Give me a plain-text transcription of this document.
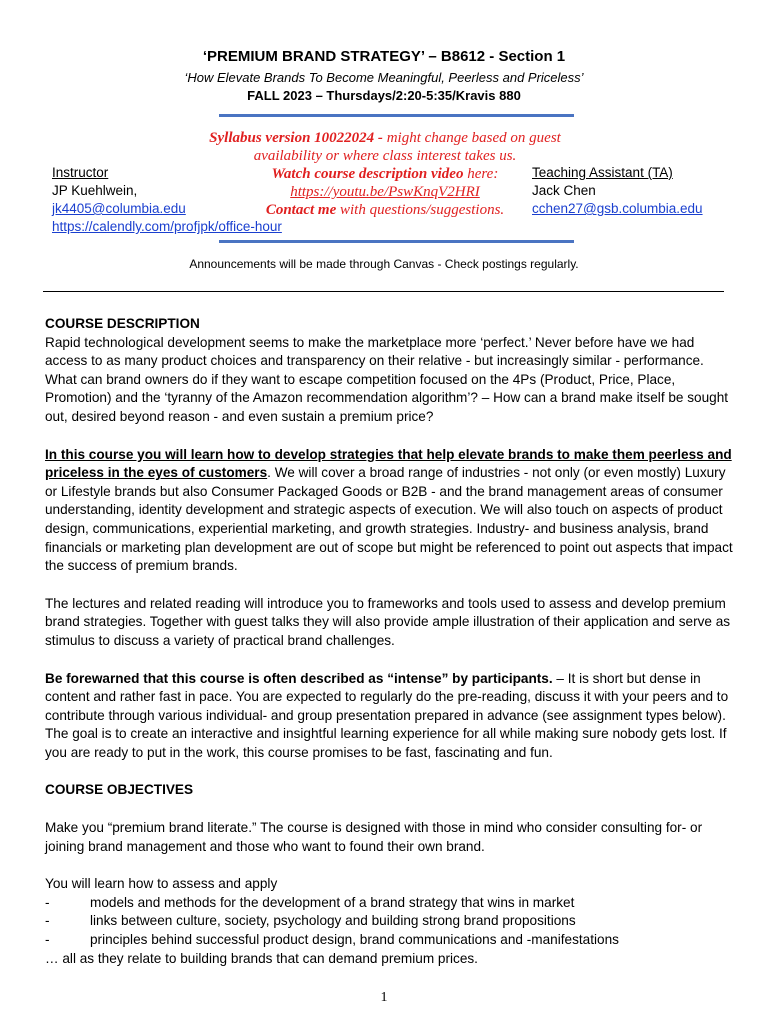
‘PREMIUM BRAND STRATEGY’ – B8612 - Section 1
‘How Elevate Brands To Become Meaningful, Peerless and Priceless’
FALL 2023 – Thursdays/2:20-5:35/Kravis 880
Syllabus version 10022024 - might change based on guest
availability or where class interest takes us.
Watch course description video here:
https://youtu.be/PswKnqV2HRI
Contact me with questions/suggestions.
Instructor
JP Kuehlwein,
jk4405@columbia.edu
https://calendly.com/profjpk/office-hour
Teaching Assistant (TA)
Jack Chen
cchen27@gsb.columbia.edu
Announcements will be made through Canvas - Check postings regularly.

COURSE DESCRIPTION

Rapid technological development seems to make the marketplace more ‘perfect.’ Never before have we had access to as many product choices and transparency on their relative - but increasingly similar - performance. What can brand owners do if they want to escape competition focused on the 4Ps (Product, Price, Place, Promotion) and the ‘tyranny of the Amazon recommendation algorithm’? – How can a brand make itself be sought out, desired beyond reason - and even sustain a premium price?

In this course you will learn how to develop strategies that help elevate brands to make them peerless and priceless in the eyes of customers. We will cover a broad range of industries - not only (or even mostly) Luxury or Lifestyle brands but also Consumer Packaged Goods or B2B - and the brand management areas of consumer understanding, identity development and strategic aspects of execution. We will also touch on aspects of product design, communications, experiential marketing, and growth strategies. Industry- and business analysis, brand financials or marketing plan development are out of scope but might be referenced to point out aspects that impact the success of premium brands.

The lectures and related reading will introduce you to frameworks and tools used to assess and develop premium brand strategies. Together with guest talks they will also provide ample illustration of their application and serve as stimulus to discuss a variety of practical brand challenges.

Be forewarned that this course is often described as “intense” by participants. – It is short but dense in content and rather fast in pace. You are expected to regularly do the pre-reading, discuss it with your peers and to contribute through various individual- and group presentation prepared in advance (see assignment types below). The goal is to create an interactive and insightful learning experience for all while making sure nobody gets lost. If you are ready to put in the work, this course promises to be fast, fascinating and fun.

COURSE OBJECTIVES

Make you “premium brand literate.” The course is designed with those in mind who consider consulting for- or joining brand management and those who want to found their own brand.

You will learn how to assess and apply
-	models and methods for the development of a brand strategy that wins in market
-	links between culture, society, psychology and building strong brand propositions
-	principles behind successful product design, brand communications and -manifestations
… all as they relate to building brands that can demand premium prices.
1
